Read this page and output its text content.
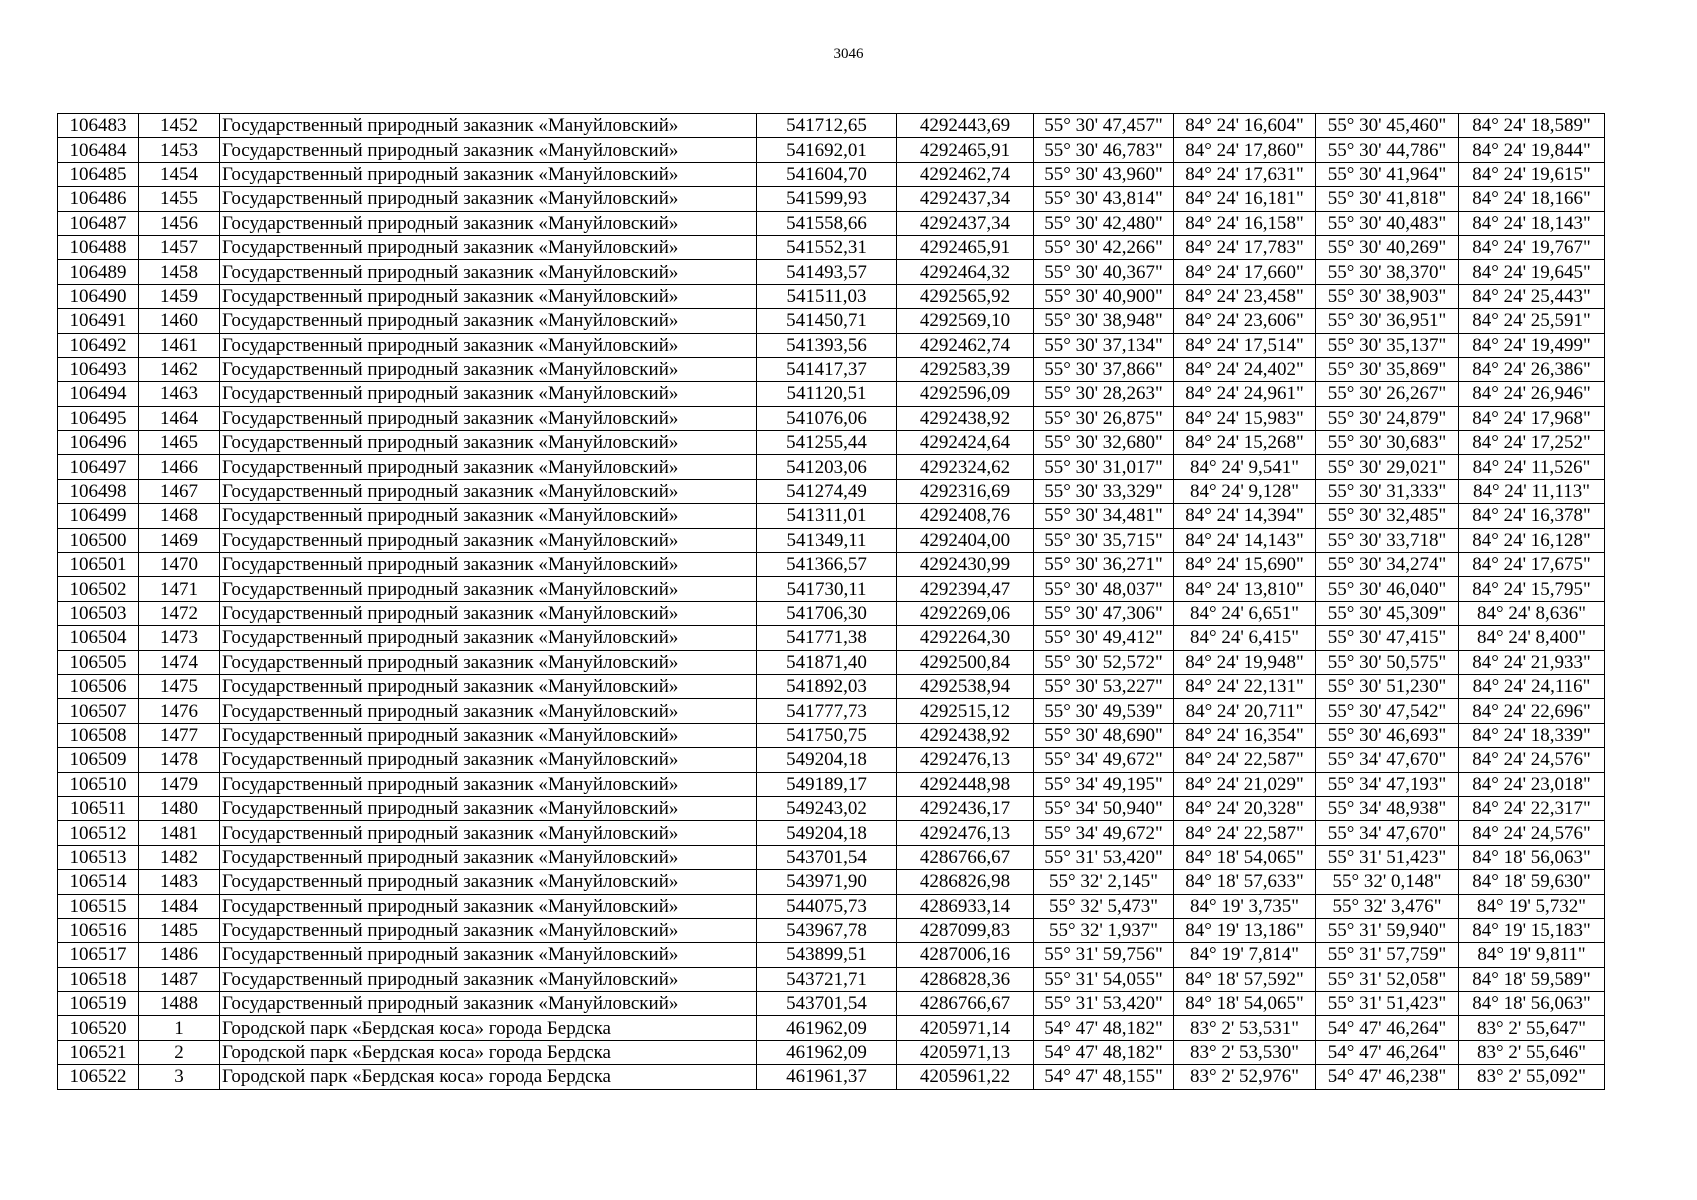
3046
106483	1452	Государственный природный заказник «Мануйловский»	541712,65	4292443,69	55° 30' 47,457"	84° 24' 16,604"	55° 30' 45,460"	84° 24' 18,589"
106484	1453	Государственный природный заказник «Мануйловский»	541692,01	4292465,91	55° 30' 46,783"	84° 24' 17,860"	55° 30' 44,786"	84° 24' 19,844"
106485	1454	Государственный природный заказник «Мануйловский»	541604,70	4292462,74	55° 30' 43,960"	84° 24' 17,631"	55° 30' 41,964"	84° 24' 19,615"
106486	1455	Государственный природный заказник «Мануйловский»	541599,93	4292437,34	55° 30' 43,814"	84° 24' 16,181"	55° 30' 41,818"	84° 24' 18,166"
106487	1456	Государственный природный заказник «Мануйловский»	541558,66	4292437,34	55° 30' 42,480"	84° 24' 16,158"	55° 30' 40,483"	84° 24' 18,143"
106488	1457	Государственный природный заказник «Мануйловский»	541552,31	4292465,91	55° 30' 42,266"	84° 24' 17,783"	55° 30' 40,269"	84° 24' 19,767"
106489	1458	Государственный природный заказник «Мануйловский»	541493,57	4292464,32	55° 30' 40,367"	84° 24' 17,660"	55° 30' 38,370"	84° 24' 19,645"
106490	1459	Государственный природный заказник «Мануйловский»	541511,03	4292565,92	55° 30' 40,900"	84° 24' 23,458"	55° 30' 38,903"	84° 24' 25,443"
106491	1460	Государственный природный заказник «Мануйловский»	541450,71	4292569,10	55° 30' 38,948"	84° 24' 23,606"	55° 30' 36,951"	84° 24' 25,591"
106492	1461	Государственный природный заказник «Мануйловский»	541393,56	4292462,74	55° 30' 37,134"	84° 24' 17,514"	55° 30' 35,137"	84° 24' 19,499"
106493	1462	Государственный природный заказник «Мануйловский»	541417,37	4292583,39	55° 30' 37,866"	84° 24' 24,402"	55° 30' 35,869"	84° 24' 26,386"
106494	1463	Государственный природный заказник «Мануйловский»	541120,51	4292596,09	55° 30' 28,263"	84° 24' 24,961"	55° 30' 26,267"	84° 24' 26,946"
106495	1464	Государственный природный заказник «Мануйловский»	541076,06	4292438,92	55° 30' 26,875"	84° 24' 15,983"	55° 30' 24,879"	84° 24' 17,968"
106496	1465	Государственный природный заказник «Мануйловский»	541255,44	4292424,64	55° 30' 32,680"	84° 24' 15,268"	55° 30' 30,683"	84° 24' 17,252"
106497	1466	Государственный природный заказник «Мануйловский»	541203,06	4292324,62	55° 30' 31,017"	84° 24' 9,541"	55° 30' 29,021"	84° 24' 11,526"
106498	1467	Государственный природный заказник «Мануйловский»	541274,49	4292316,69	55° 30' 33,329"	84° 24' 9,128"	55° 30' 31,333"	84° 24' 11,113"
106499	1468	Государственный природный заказник «Мануйловский»	541311,01	4292408,76	55° 30' 34,481"	84° 24' 14,394"	55° 30' 32,485"	84° 24' 16,378"
106500	1469	Государственный природный заказник «Мануйловский»	541349,11	4292404,00	55° 30' 35,715"	84° 24' 14,143"	55° 30' 33,718"	84° 24' 16,128"
106501	1470	Государственный природный заказник «Мануйловский»	541366,57	4292430,99	55° 30' 36,271"	84° 24' 15,690"	55° 30' 34,274"	84° 24' 17,675"
106502	1471	Государственный природный заказник «Мануйловский»	541730,11	4292394,47	55° 30' 48,037"	84° 24' 13,810"	55° 30' 46,040"	84° 24' 15,795"
106503	1472	Государственный природный заказник «Мануйловский»	541706,30	4292269,06	55° 30' 47,306"	84° 24' 6,651"	55° 30' 45,309"	84° 24' 8,636"
106504	1473	Государственный природный заказник «Мануйловский»	541771,38	4292264,30	55° 30' 49,412"	84° 24' 6,415"	55° 30' 47,415"	84° 24' 8,400"
106505	1474	Государственный природный заказник «Мануйловский»	541871,40	4292500,84	55° 30' 52,572"	84° 24' 19,948"	55° 30' 50,575"	84° 24' 21,933"
106506	1475	Государственный природный заказник «Мануйловский»	541892,03	4292538,94	55° 30' 53,227"	84° 24' 22,131"	55° 30' 51,230"	84° 24' 24,116"
106507	1476	Государственный природный заказник «Мануйловский»	541777,73	4292515,12	55° 30' 49,539"	84° 24' 20,711"	55° 30' 47,542"	84° 24' 22,696"
106508	1477	Государственный природный заказник «Мануйловский»	541750,75	4292438,92	55° 30' 48,690"	84° 24' 16,354"	55° 30' 46,693"	84° 24' 18,339"
106509	1478	Государственный природный заказник «Мануйловский»	549204,18	4292476,13	55° 34' 49,672"	84° 24' 22,587"	55° 34' 47,670"	84° 24' 24,576"
106510	1479	Государственный природный заказник «Мануйловский»	549189,17	4292448,98	55° 34' 49,195"	84° 24' 21,029"	55° 34' 47,193"	84° 24' 23,018"
106511	1480	Государственный природный заказник «Мануйловский»	549243,02	4292436,17	55° 34' 50,940"	84° 24' 20,328"	55° 34' 48,938"	84° 24' 22,317"
106512	1481	Государственный природный заказник «Мануйловский»	549204,18	4292476,13	55° 34' 49,672"	84° 24' 22,587"	55° 34' 47,670"	84° 24' 24,576"
106513	1482	Государственный природный заказник «Мануйловский»	543701,54	4286766,67	55° 31' 53,420"	84° 18' 54,065"	55° 31' 51,423"	84° 18' 56,063"
106514	1483	Государственный природный заказник «Мануйловский»	543971,90	4286826,98	55° 32' 2,145"	84° 18' 57,633"	55° 32' 0,148"	84° 18' 59,630"
106515	1484	Государственный природный заказник «Мануйловский»	544075,73	4286933,14	55° 32' 5,473"	84° 19' 3,735"	55° 32' 3,476"	84° 19' 5,732"
106516	1485	Государственный природный заказник «Мануйловский»	543967,78	4287099,83	55° 32' 1,937"	84° 19' 13,186"	55° 31' 59,940"	84° 19' 15,183"
106517	1486	Государственный природный заказник «Мануйловский»	543899,51	4287006,16	55° 31' 59,756"	84° 19' 7,814"	55° 31' 57,759"	84° 19' 9,811"
106518	1487	Государственный природный заказник «Мануйловский»	543721,71	4286828,36	55° 31' 54,055"	84° 18' 57,592"	55° 31' 52,058"	84° 18' 59,589"
106519	1488	Государственный природный заказник «Мануйловский»	543701,54	4286766,67	55° 31' 53,420"	84° 18' 54,065"	55° 31' 51,423"	84° 18' 56,063"
106520	1	Городской парк «Бердская коса» города Бердска	461962,09	4205971,14	54° 47' 48,182"	83° 2' 53,531"	54° 47' 46,264"	83° 2' 55,647"
106521	2	Городской парк «Бердская коса» города Бердска	461962,09	4205971,13	54° 47' 48,182"	83° 2' 53,530"	54° 47' 46,264"	83° 2' 55,646"
106522	3	Городской парк «Бердская коса» города Бердска	461961,37	4205961,22	54° 47' 48,155"	83° 2' 52,976"	54° 47' 46,238"	83° 2' 55,092"
